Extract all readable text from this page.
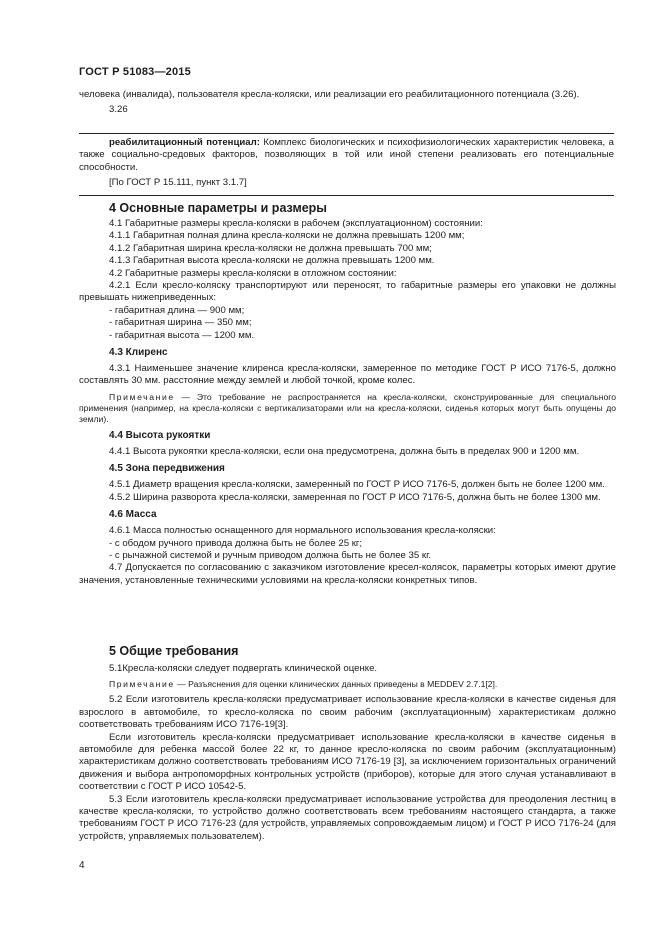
ГОСТ Р 51083—2015

человека (инвалида), пользователя кресла-коляски, или реализации его реабилитационного потенциала (3.26).

3.26

реабилитационный потенциал: Комплекс биологических и психофизиологических характеристик человека, а также социально-средовых факторов, позволяющих в той или иной степени реализовать его потенциальные способности.

[По ГОСТ Р 15.111, пункт 3.1.7]

4 Основные параметры и размеры

4.1 Габаритные размеры кресла-коляски в рабочем (эксплуатационном) состоянии:

4.1.1 Габаритная полная длина кресла-коляски не должна превышать 1200 мм;

4.1.2 Габаритная ширина кресла-коляски не должна превышать 700 мм;

4.1.3 Габаритная высота кресла-коляски не должна превышать 1200 мм.

4.2 Габаритные размеры кресла-коляски в отложном состоянии:

4.2.1 Если кресло-коляску транспортируют или переносят, то габаритные размеры его упаковки не должны превышать нижеприведенных:

- габаритная длина — 900 мм;

- габаритная ширина — 350 мм;

- габаритная высота — 1200 мм.

4.3 Клиренс

4.3.1 Наименьшее значение клиренса кресла-коляски, замеренное по методике ГОСТ Р ИСО 7176-5, должно составлять 30 мм. расстояние между землей и любой точкой, кроме колес.

Примечание — Это требование не распространяется на кресла-коляски, сконструированные для специального применения (например, на кресла-коляски с вертикализаторами или на кресла-коляски, сиденья которых могут быть опущены до земли).

4.4 Высота рукоятки

4.4.1 Высота рукоятки кресла-коляски, если она предусмотрена, должна быть в пределах 900 и 1200 мм.

4.5 Зона передвижения

4.5.1 Диаметр вращения кресла-коляски, замеренный по ГОСТ Р ИСО 7176-5, должен быть не более 1200 мм.

4.5.2 Ширина разворота кресла-коляски, замеренная по ГОСТ Р ИСО 7176-5, должна быть не более 1300 мм.

4.6 Масса

4.6.1 Масса полностью оснащенного для нормального использования кресла-коляски:

- с ободом ручного привода должна быть не более 25 кг;

- с рычажной системой и ручным приводом должна быть не более 35 кг.

4.7 Допускается по согласованию с заказчиком изготовление кресел-колясок, параметры которых имеют другие значения, установленные техническими условиями на кресла-коляски конкретных типов.

5 Общие требования

5.1Кресла-коляски следует подвергать клинической оценке.

Примечание — Разъяснения для оценки клинических данных приведены в MEDDEV 2.7.1[2].

5.2 Если изготовитель кресла-коляски предусматривает использование кресла-коляски в качестве сиденья для взрослого в автомобиле, то кресло-коляска по своим рабочим (эксплуатационным) характеристикам должно соответствовать требованиям ИСО 7176-19[3].

Если изготовитель кресла-коляски предусматривает использование кресла-коляски в качестве сиденья в автомобиле для ребенка массой более 22 кг, то данное кресло-коляска по своим рабочим (эксплуатационным) характеристикам должно соответствовать требованиям ИСО 7176-19 [3], за исключением горизонтальных ограничений движения и выбора антропоморфных контрольных устройств (приборов), которые для этого случая устанавливают в соответствии с ГОСТ Р ИСО 10542-5.

5.3 Если изготовитель кресла-коляски предусматривает использование устройства для преодоления лестниц в качестве кресла-коляски, то устройство должно соответствовать всем требованиям настоящего стандарта, а также требованиям ГОСТ Р ИСО 7176-23 (для устройств, управляемых сопровождаемым лицом) и ГОСТ Р ИСО 7176-24 (для устройств, управляемых пользователем).

4
